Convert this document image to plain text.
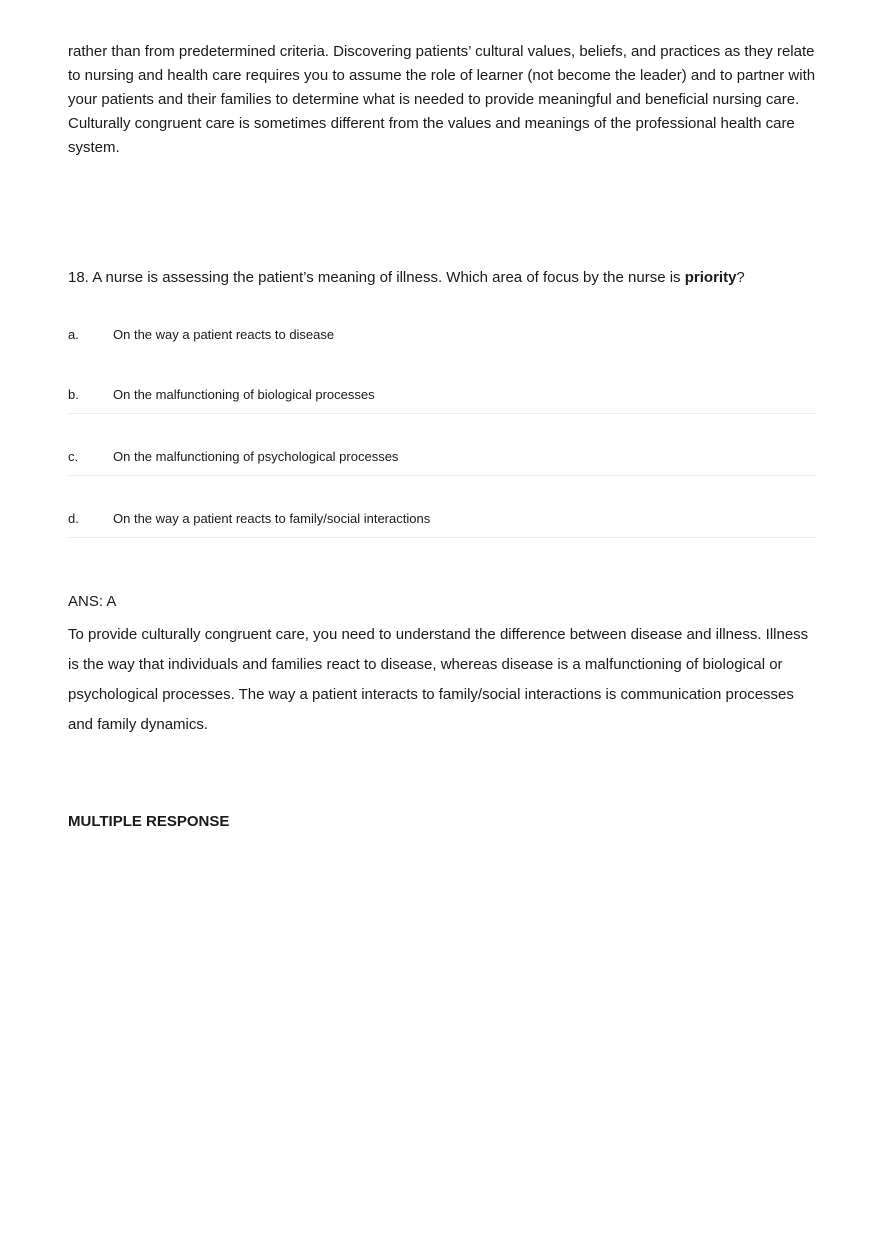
rather than from predetermined criteria. Discovering patients’ cultural values, beliefs, and practices as they relate to nursing and health care requires you to assume the role of learner (not become the leader) and to partner with your patients and their families to determine what is needed to provide meaningful and beneficial nursing care. Culturally congruent care is sometimes different from the values and meanings of the professional health care system.

18. A nurse is assessing the patient’s meaning of illness. Which area of focus by the nurse is priority?

a.	On the way a patient reacts to disease
b.	On the malfunctioning of biological processes
c.	On the malfunctioning of psychological processes
d.	On the way a patient reacts to family/social interactions

ANS: A

To provide culturally congruent care, you need to understand the difference between disease and illness. Illness is the way that individuals and families react to disease, whereas disease is a malfunctioning of biological or psychological processes. The way a patient interacts to family/social interactions is communication processes and family dynamics.

MULTIPLE RESPONSE
